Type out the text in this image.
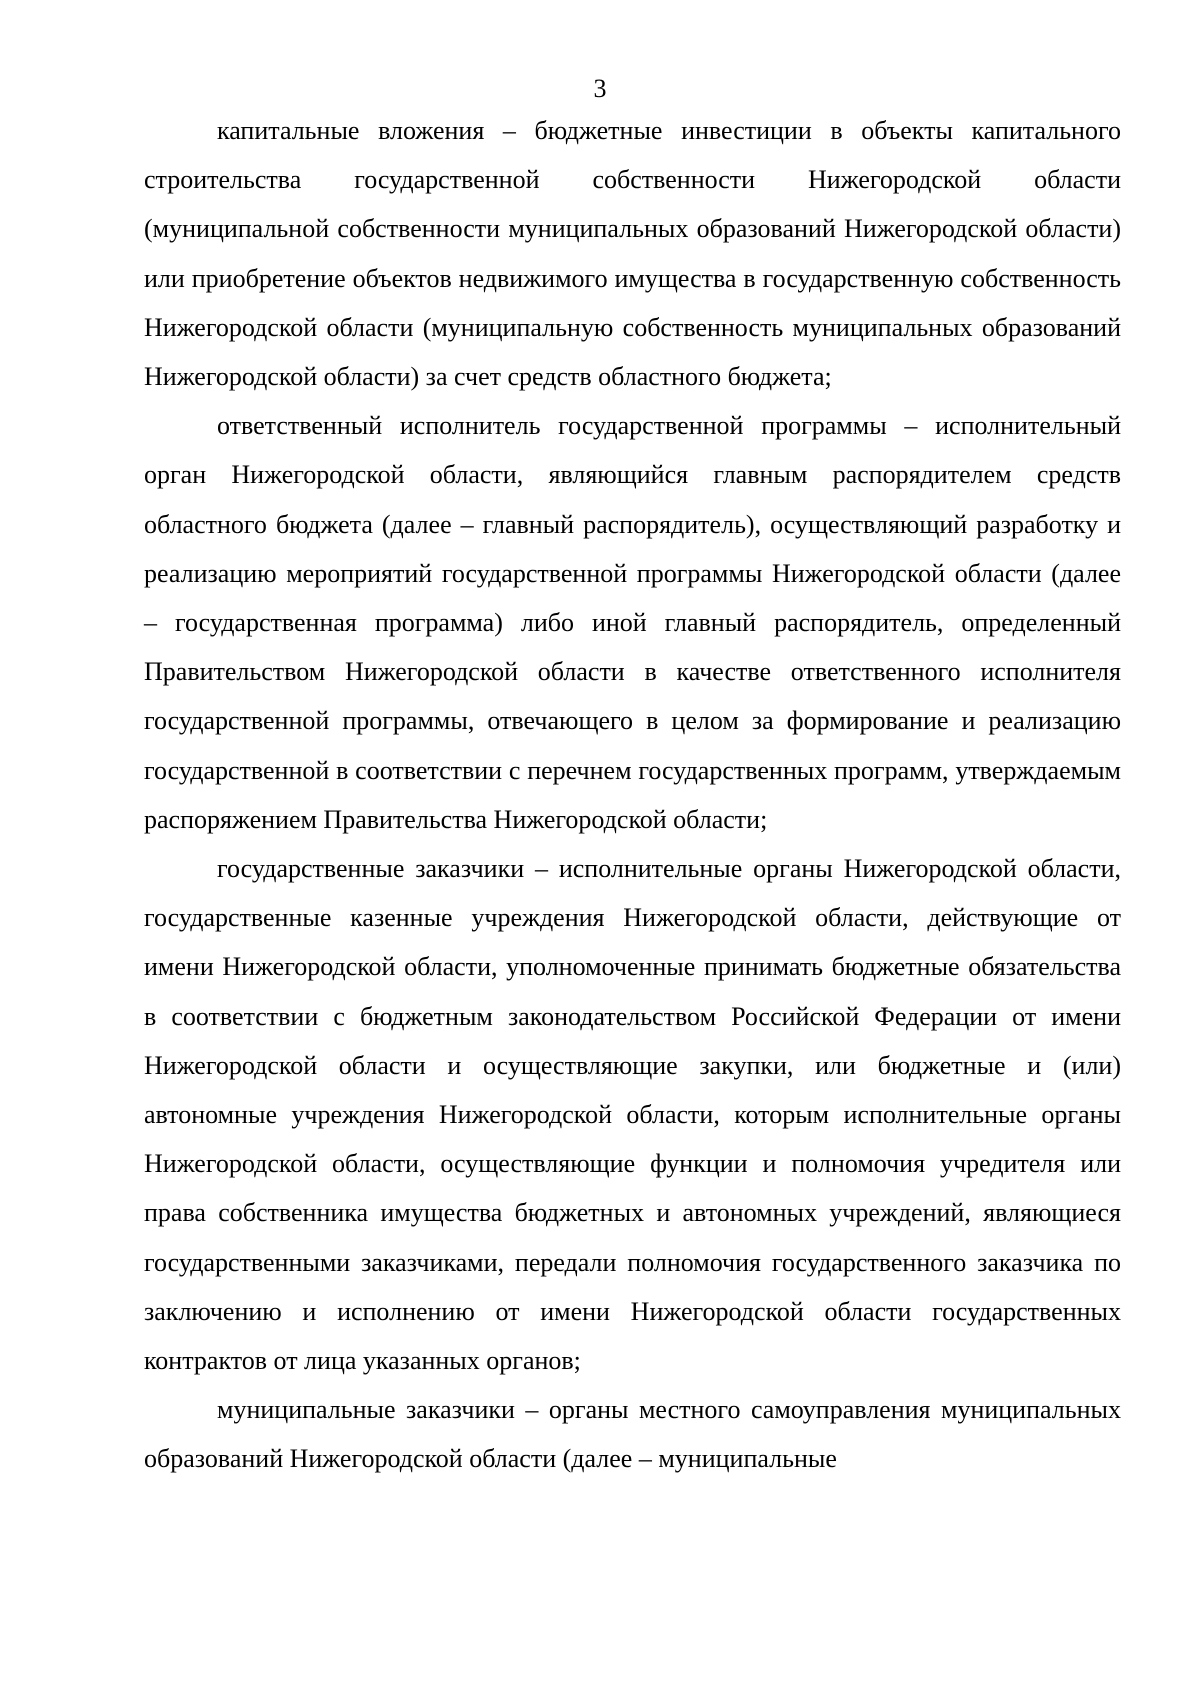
3

капитальные вложения – бюджетные инвестиции в объекты капитального строительства государственной собственности Нижегородской области (муниципальной собственности муниципальных образований Нижегородской области) или приобретение объектов недвижимого имущества в государственную собственность Нижегородской области (муниципальную собственность муниципальных образований Нижегородской области) за счет средств областного бюджета;

ответственный исполнитель государственной программы – исполнительный орган Нижегородской области, являющийся главным распорядителем средств областного бюджета (далее – главный распорядитель), осуществляющий разработку и реализацию мероприятий государственной программы Нижегородской области (далее – государственная программа) либо иной главный распорядитель, определенный Правительством Нижегородской области в качестве ответственного исполнителя государственной программы, отвечающего в целом за формирование и реализацию государственной в соответствии с перечнем государственных программ, утверждаемым распоряжением Правительства Нижегородской области;

государственные заказчики – исполнительные органы Нижегородской области, государственные казенные учреждения Нижегородской области, действующие от имени Нижегородской области, уполномоченные принимать бюджетные обязательства в соответствии с бюджетным законодательством Российской Федерации от имени Нижегородской области и осуществляющие закупки, или бюджетные и (или) автономные учреждения Нижегородской области, которым исполнительные органы Нижегородской области, осуществляющие функции и полномочия учредителя или права собственника имущества бюджетных и автономных учреждений, являющиеся государственными заказчиками, передали полномочия государственного заказчика по заключению и исполнению от имени Нижегородской области государственных контрактов от лица указанных органов;

муниципальные заказчики – органы местного самоуправления муниципальных образований Нижегородской области (далее – муниципальные
